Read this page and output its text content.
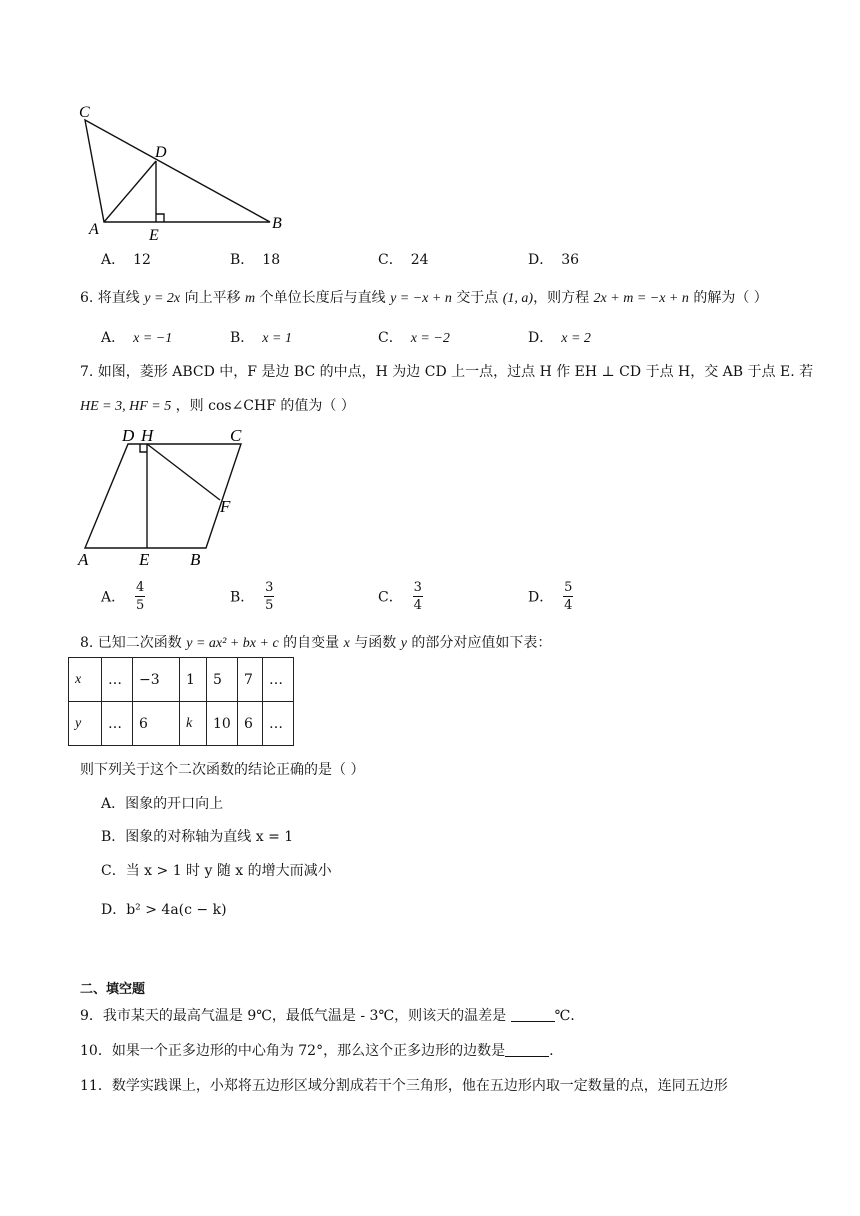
C
D
A	E
B
A． 12	B． 18	C． 24	D． 36
6. 将直线 y = 2x 向上平移 m 个单位长度后与直线 y = −x + n 交于点 (1, a)，则方程 2x + m = −x + n 的解为（ ）
A． x = −1	B． x = 1	C． x = −2	D． x = 2
7. 如图，菱形 ABCD 中，F 是边 BC 的中点，H 为边 CD 上一点，过点 H 作 EH ⊥ CD 于点 H，交 AB 于点 E. 若
HE = 3, HF = 5 ，则 cos∠CHF 的值为（ ）
D H	C
F
A	E B
A． $\frac{4}{5}$	B． $\frac{3}{5}$	C． $\frac{3}{4}$	D． $\frac{5}{4}$
8. 已知二次函数 y = ax² + bx + c 的自变量 x 与函数 y 的部分对应值如下表：
x	…	−3	1	5	7	…
y	…	6	k	10	6	…
则下列关于这个二次函数的结论正确的是（ ）
A．图象的开口向上
B．图象的对称轴为直线 x = 1
C．当 x > 1 时 y 随 x 的增大而减小
D．b² > 4a(c − k)
二、填空题
9．我市某天的最高气温是 9℃，最低气温是 - 3℃，则该天的温差是	℃.
10．如果一个正多边形的中心角为 72°，那么这个正多边形的边数是	.
11．数学实践课上，小郑将五边形区域分割成若干个三角形，他在五边形内取一定数量的点，连同五边形
